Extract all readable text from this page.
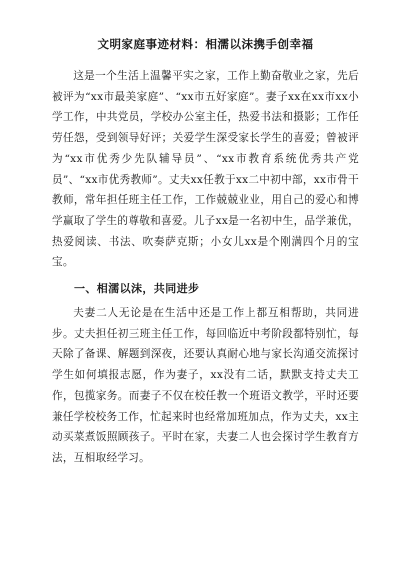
文明家庭事迹材料：相濡以沫携手创幸福

这是一个生活上温馨平实之家，工作上勤奋敬业之家，先后被评为“xx市最美家庭”、“xx市五好家庭”。妻子xx在xx市xx小学工作，中共党员，学校办公室主任，热爱书法和摄影；工作任劳任怨，受到领导好评；关爱学生深受家长学生的喜爱；曾被评为“xx市优秀少先队辅导员”、“xx市教育系统优秀共产党员”、“xx市优秀教师”。丈夫xx任教于xx二中初中部，xx市骨干教师，常年担任班主任工作，工作兢兢业业，用自己的爱心和博学赢取了学生的尊敬和喜爱。儿子xx是一名初中生，品学兼优，热爱阅读、书法、吹奏萨克斯；小女儿xx是个刚满四个月的宝宝。

一、相濡以沫，共同进步

夫妻二人无论是在生活中还是工作上都互相帮助，共同进步。丈夫担任初三班主任工作，每回临近中考阶段都特别忙，每天除了备课、解题到深夜，还要认真耐心地与家长沟通交流探讨学生如何填报志愿，作为妻子，xx没有二话，默默支持丈夫工作，包揽家务。而妻子不仅在校任教一个班语文教学，平时还要兼任学校校务工作，忙起来时也经常加班加点，作为丈夫，xx主动买菜煮饭照顾孩子。平时在家，夫妻二人也会探讨学生教育方法，互相取经学习。
